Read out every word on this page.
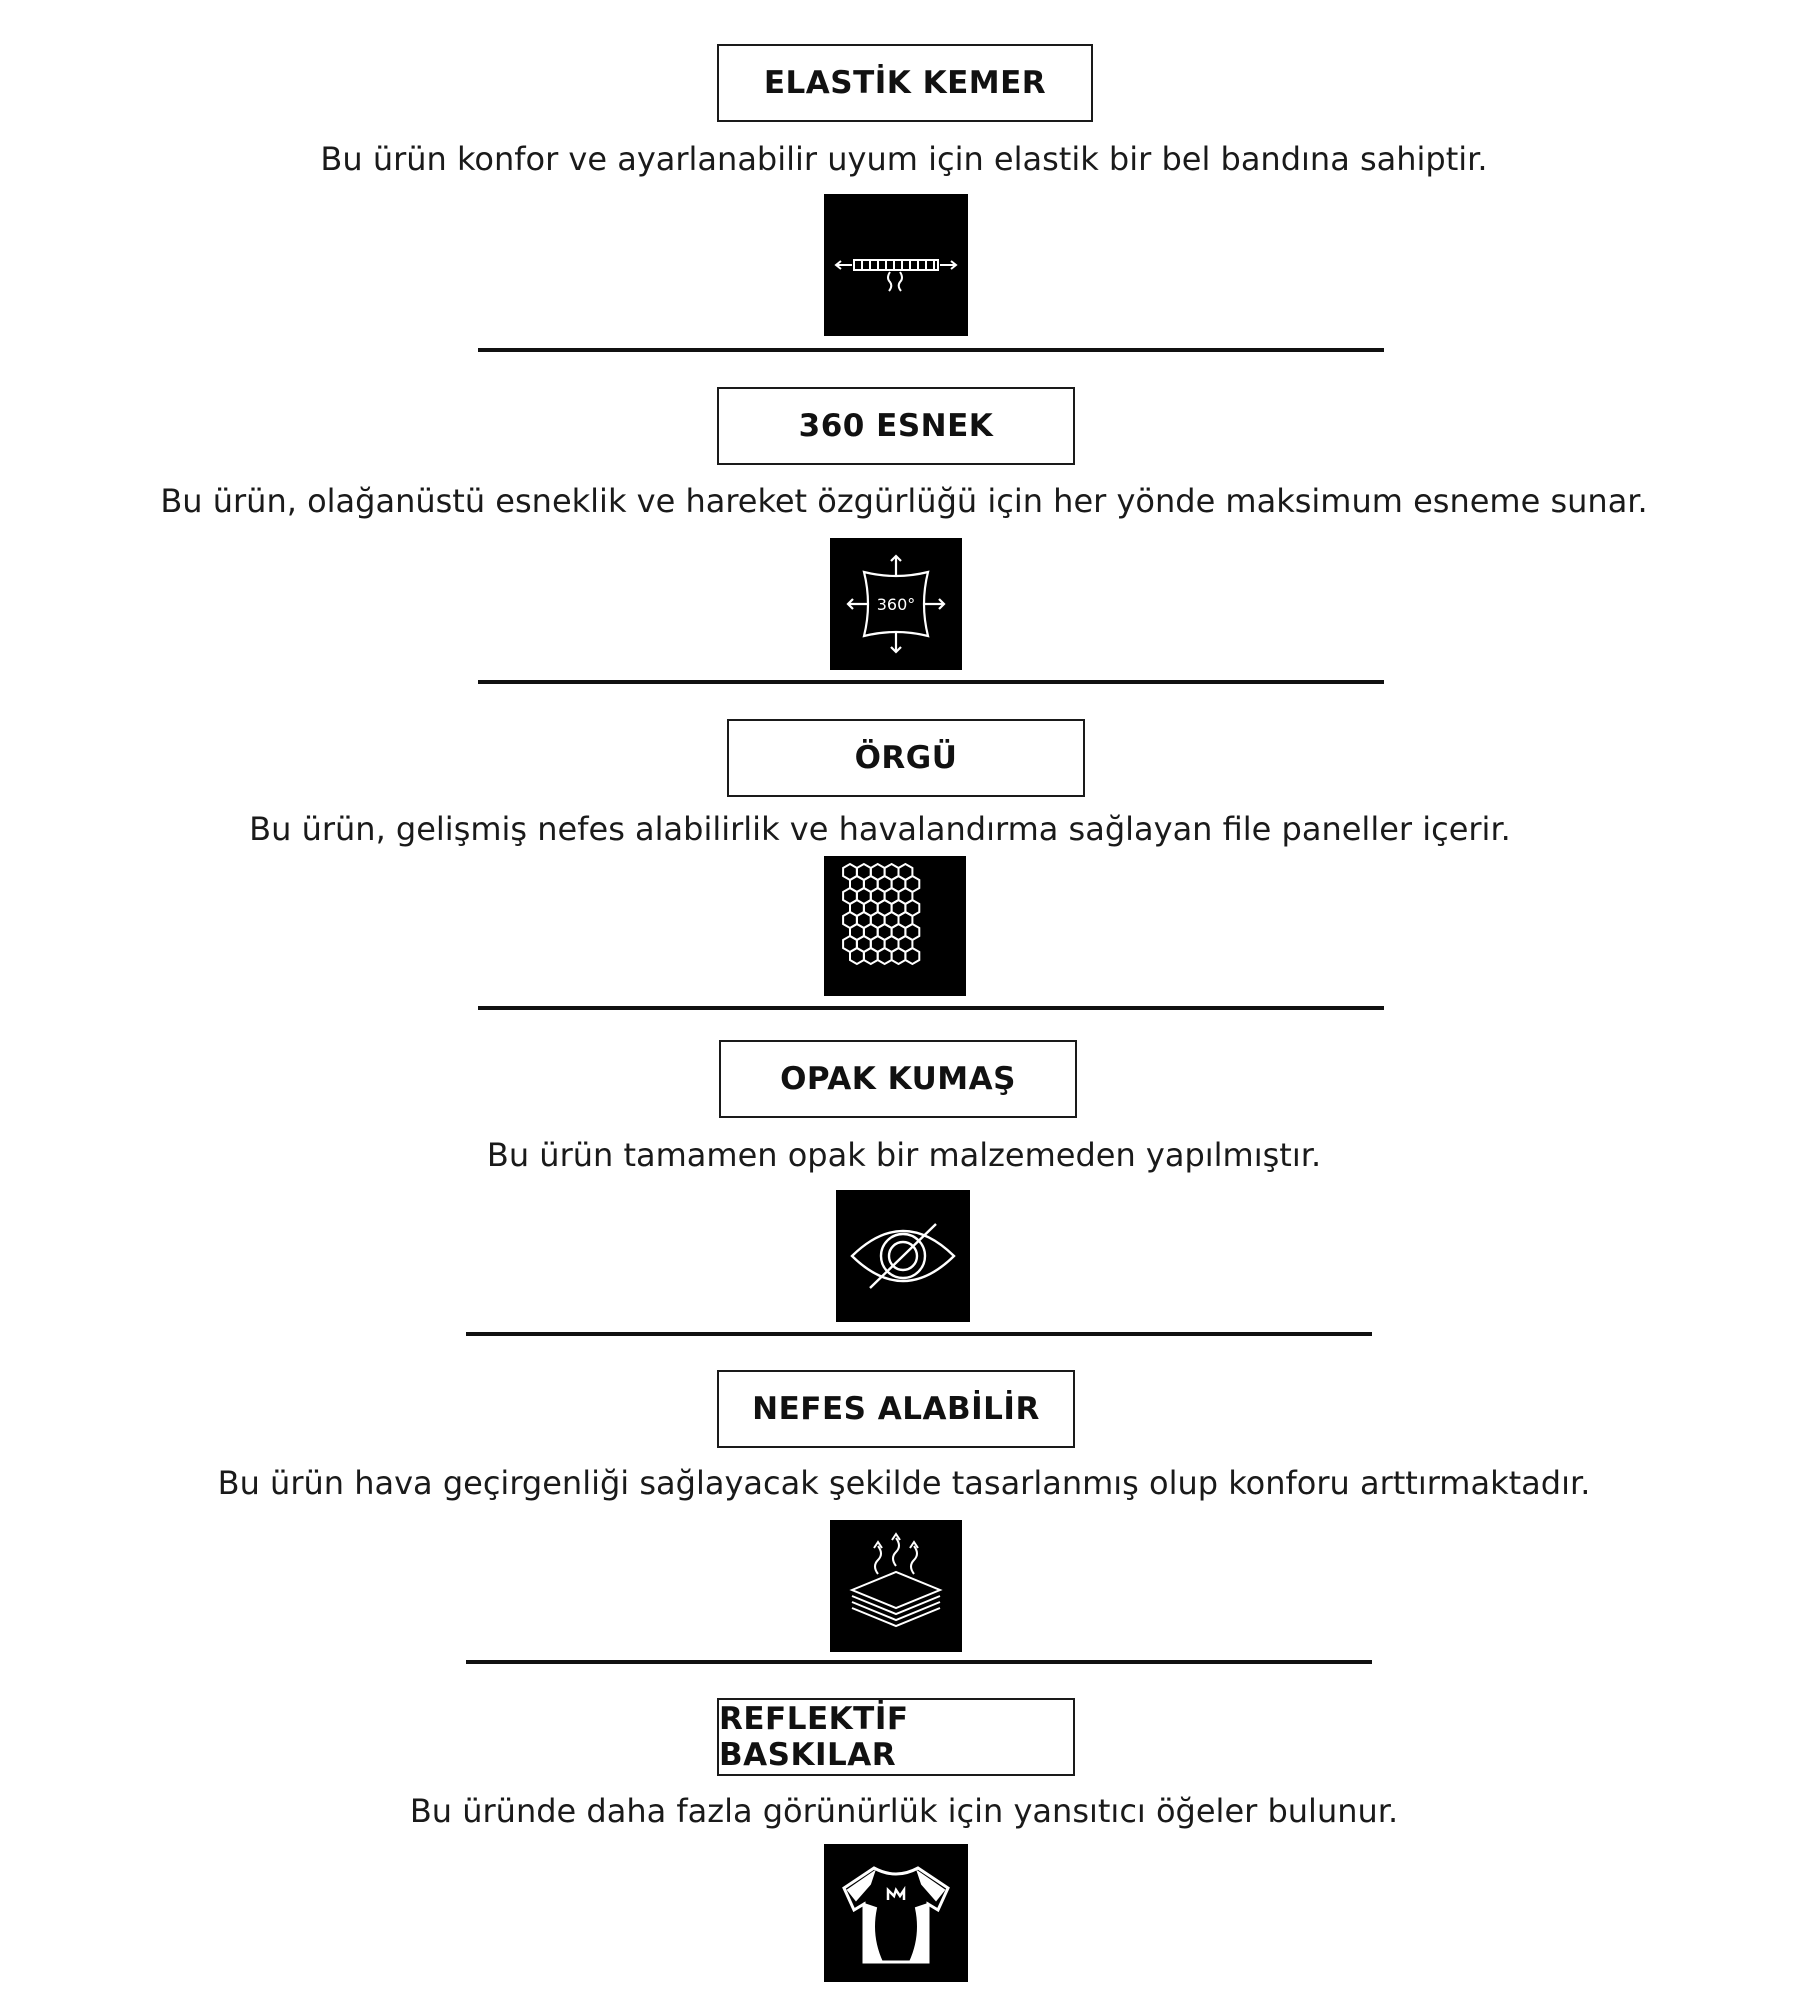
ELASTİK KEMER
Bu ürün konfor ve ayarlanabilir uyum için elastik bir bel bandına sahiptir.
360 ESNEK
Bu ürün, olağanüstü esneklik ve hareket özgürlüğü için her yönde maksimum esneme sunar.
360°
ÖRGÜ
Bu ürün, gelişmiş nefes alabilirlik ve havalandırma sağlayan file paneller içerir.
OPAK KUMAŞ
Bu ürün tamamen opak bir malzemeden yapılmıştır.
NEFES ALABİLİR
Bu ürün hava geçirgenliği sağlayacak şekilde tasarlanmış olup konforu arttırmaktadır.
REFLEKTİF BASKILAR
Bu üründe daha fazla görünürlük için yansıtıcı öğeler bulunur.
